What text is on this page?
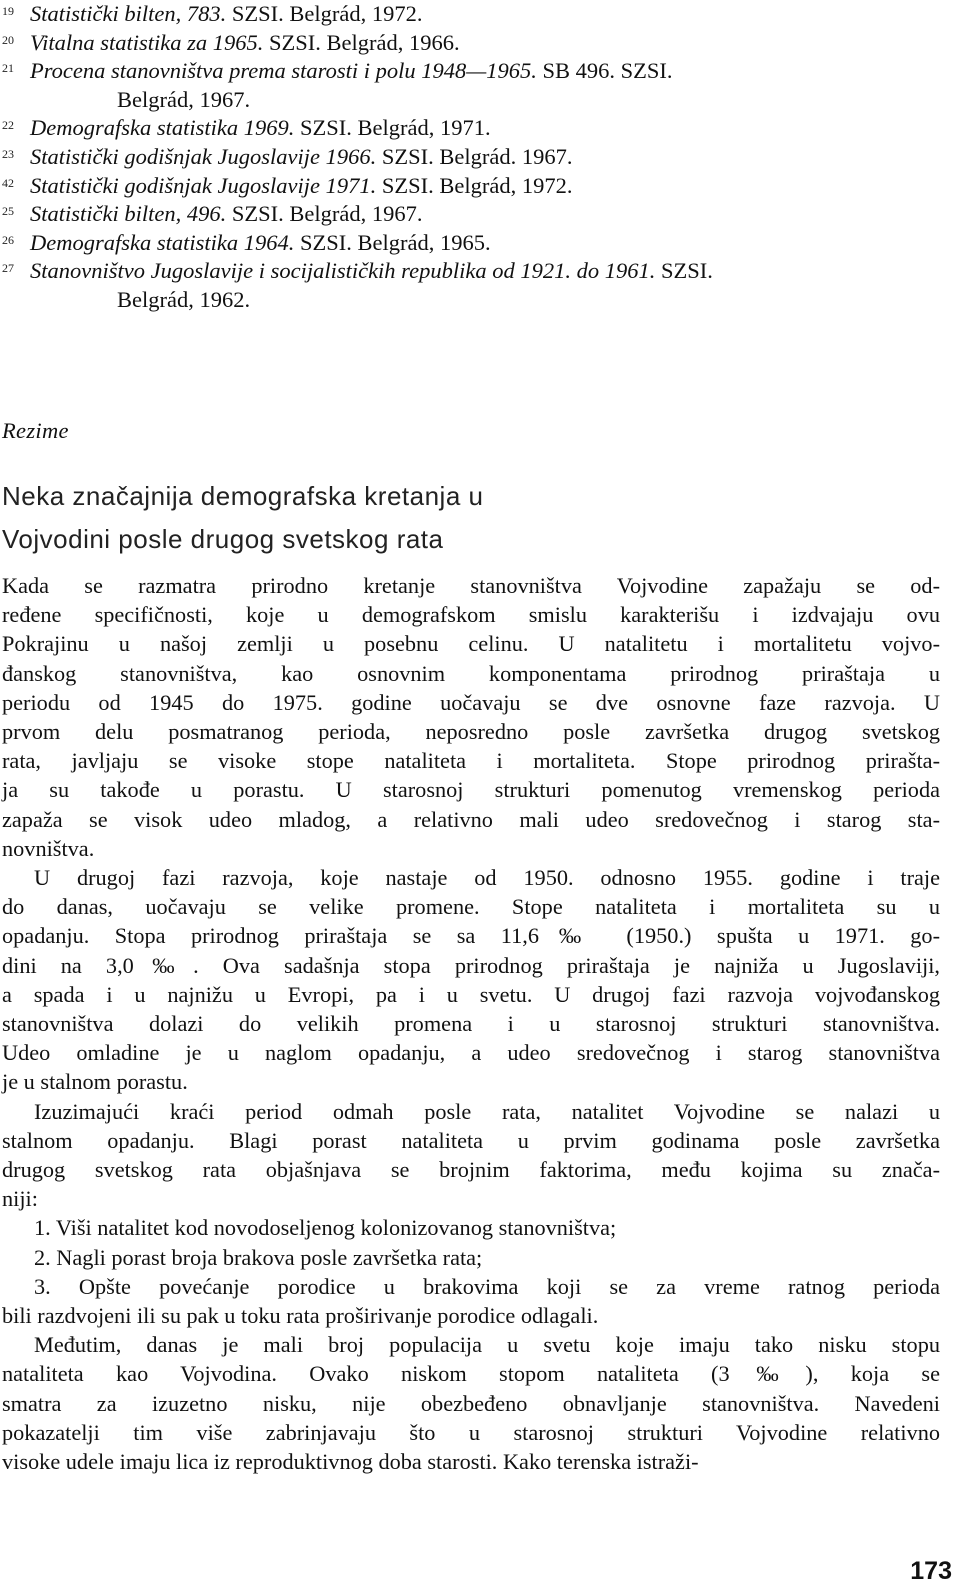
19 Statistički bilten, 783. SZSI. Belgrád, 1972.
20 Vitalna statistika za 1965. SZSI. Belgrád, 1966.
21 Procena stanovništva prema starosti i polu 1948—1965. SB 496. SZSI.
Belgrád, 1967.
22 Demografska statistika 1969. SZSI. Belgrád, 1971.
23 Statistički godišnjak Jugoslavije 1966. SZSI. Belgrád. 1967.
42 Statistički godišnjak Jugoslavije 1971. SZSI. Belgrád, 1972.
25 Statistički bilten, 496. SZSI. Belgrád, 1967.
26 Demografska statistika 1964. SZSI. Belgrád, 1965.
27 Stanovništvo Jugoslavije i socijalističkih republika od 1921. do 1961. SZSI.
Belgrád, 1962.
Rezime
Neka značajnija demografska kretanja u
Vojvodini posle drugog svetskog rata
Kada se razmatra prirodno kretanje stanovništva Vojvodine zapažaju se od-
ređene specifičnosti, koje u demografskom smislu karakterišu i izdvajaju ovu
Pokrajinu u našoj zemlji u posebnu celinu. U natalitetu i mortalitetu vojvo-
đanskog stanovništva, kao osnovnim komponentama prirodnog priraštaja u
periodu od 1945 do 1975. godine uočavaju se dve osnovne faze razvoja. U
prvom delu posmatranog perioda, neposredno posle završetka drugog svetskog
rata, javljaju se visoke stope nataliteta i mortaliteta. Stope prirodnog prirašta-
ja su takođe u porastu. U starosnoj strukturi pomenutog vremenskog perioda
zapaža se visok udeo mladog, a relativno mali udeo sredovečnog i starog sta-
novništva.
U drugoj fazi razvoja, koje nastaje od 1950. odnosno 1955. godine i traje
do danas, uočavaju se velike promene. Stope nataliteta i mortaliteta su u
opadanju. Stopa prirodnog priraštaja se sa 11,6‰ (1950.) spušta u 1971. go-
dini na 3,0‰. Ova sadašnja stopa prirodnog priraštaja je najniža u Jugoslaviji,
a spada i u najnižu u Evropi, pa i u svetu. U drugoj fazi razvoja vojvođanskog
stanovništva dolazi do velikih promena i u starosnoj strukturi stanovništva.
Udeo omladine je u naglom opadanju, a udeo sredovečnog i starog stanovništva
je u stalnom porastu.
Izuzimajući kraći period odmah posle rata, natalitet Vojvodine se nalazi u
stalnom opadanju. Blagi porast nataliteta u prvim godinama posle završetka
drugog svetskog rata objašnjava se brojnim faktorima, među kojima su znača-
niji:
1. Viši natalitet kod novodoseljenog kolonizovanog stanovništva;
2. Nagli porast broja brakova posle završetka rata;
3. Opšte povećanje porodice u brakovima koji se za vreme ratnog perioda
bili razdvojeni ili su pak u toku rata proširivanje porodice odlagali.
Međutim, danas je mali broj populacija u svetu koje imaju tako nisku stopu
nataliteta kao Vojvodina. Ovako niskom stopom nataliteta (3‰), koja se
smatra za izuzetno nisku, nije obezbeđeno obnavljanje stanovništva. Navedeni
pokazatelji tim više zabrinjavaju što u starosnoj strukturi Vojvodine relativno
visoke udele imaju lica iz reproduktivnog doba starosti. Kako terenska istraži-
173
